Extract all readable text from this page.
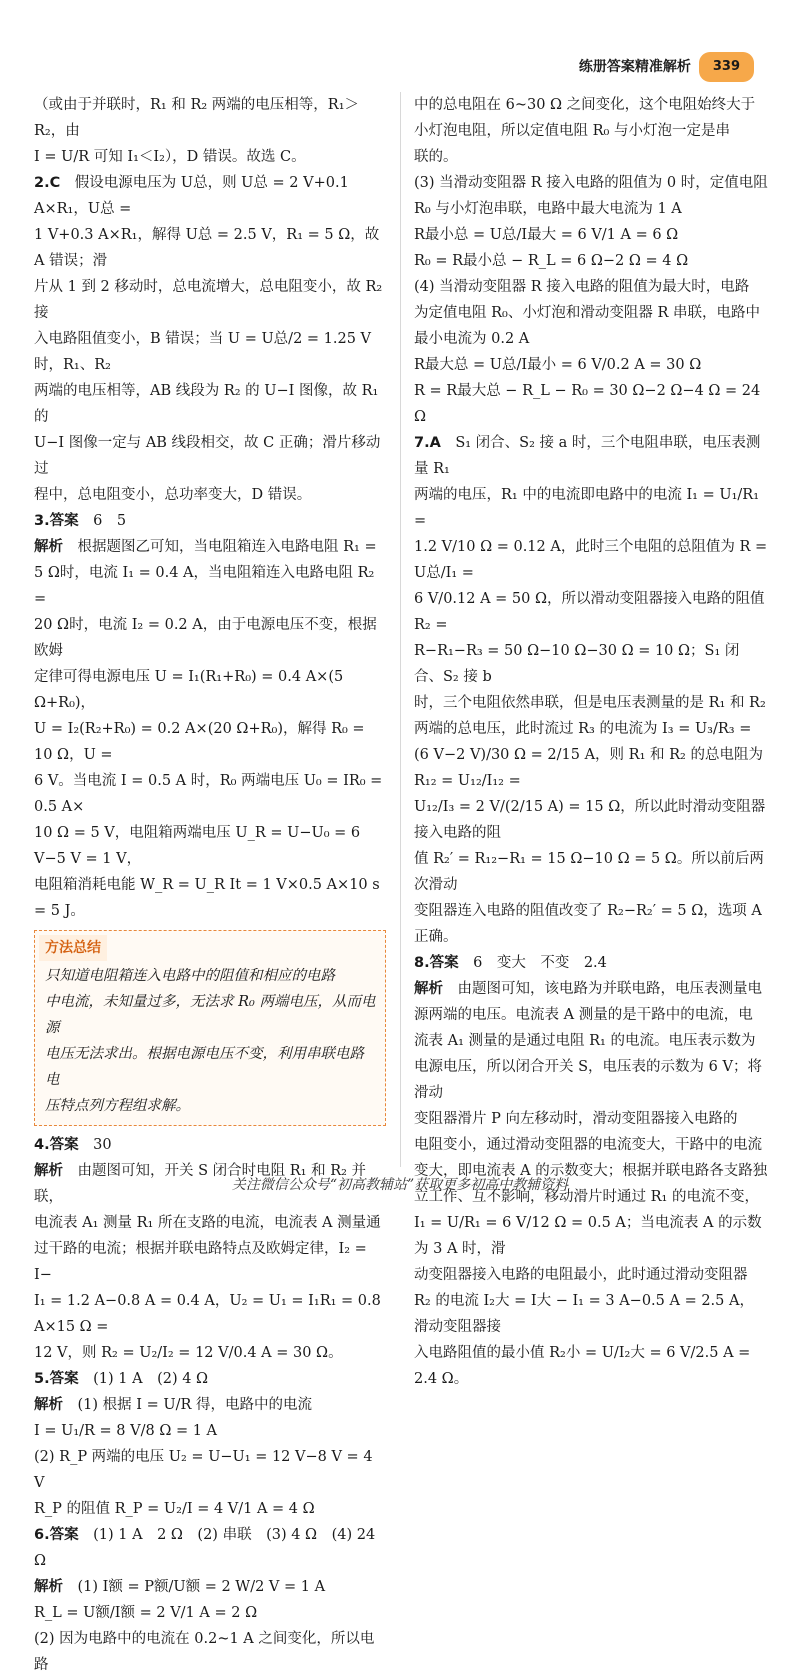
练册答案精准解析	339

（或由于并联时，R₁ 和 R₂ 两端的电压相等，R₁＞R₂，由

I = U/R 可知 I₁＜I₂），D 错误。故选 C。

2.C　假设电源电压为 U总，则 U总 = 2 V+0.1 A×R₁，U总 =

1 V+0.3 A×R₁，解得 U总 = 2.5 V，R₁ = 5 Ω，故 A 错误；滑

片从 1 到 2 移动时，总电流增大，总电阻变小，故 R₂ 接

入电路阻值变小，B 错误；当 U = U总/2 = 1.25 V 时，R₁、R₂

两端的电压相等，AB 线段为 R₂ 的 U−I 图像，故 R₁ 的

U−I 图像一定与 AB 线段相交，故 C 正确；滑片移动过

程中，总电阻变小，总功率变大，D 错误。

3.答案　6　5

解析　根据题图乙可知，当电阻箱连入电路电阻 R₁ =

5 Ω时，电流 I₁ = 0.4 A，当电阻箱连入电路电阻 R₂ =

20 Ω时，电流 I₂ = 0.2 A，由于电源电压不变，根据欧姆

定律可得电源电压 U = I₁(R₁+R₀) = 0.4 A×(5 Ω+R₀)，

U = I₂(R₂+R₀) = 0.2 A×(20 Ω+R₀)，解得 R₀ = 10 Ω，U =

6 V。当电流 I = 0.5 A 时，R₀ 两端电压 U₀ = IR₀ = 0.5 A×

10 Ω = 5 V，电阻箱两端电压 U_R = U−U₀ = 6 V−5 V = 1 V，

电阻箱消耗电能 W_R = U_R It = 1 V×0.5 A×10 s = 5 J。

方法总结

只知道电阻箱连入电路中的阻值和相应的电路

中电流，未知量过多，无法求 R₀ 两端电压，从而电源

电压无法求出。根据电源电压不变，利用串联电路电

压特点列方程组求解。

4.答案　30

解析　由题图可知，开关 S 闭合时电阻 R₁ 和 R₂ 并联，

电流表 A₁ 测量 R₁ 所在支路的电流，电流表 A 测量通

过干路的电流；根据并联电路特点及欧姆定律，I₂ = I−

I₁ = 1.2 A−0.8 A = 0.4 A，U₂ = U₁ = I₁R₁ = 0.8 A×15 Ω =

12 V，则 R₂ = U₂/I₂ = 12 V/0.4 A = 30 Ω。

5.答案　(1) 1 A　(2) 4 Ω

解析　(1) 根据 I = U/R 得，电路中的电流

I = U₁/R = 8 V/8 Ω = 1 A

(2) R_P 两端的电压 U₂ = U−U₁ = 12 V−8 V = 4 V

R_P 的阻值 R_P = U₂/I = 4 V/1 A = 4 Ω

6.答案　(1) 1 A　2 Ω　(2) 串联　(3) 4 Ω　(4) 24 Ω

解析　(1) I额 = P额/U额 = 2 W/2 V = 1 A

R_L = U额/I额 = 2 V/1 A = 2 Ω

(2) 因为电路中的电流在 0.2~1 A 之间变化，所以电路

中的总电阻在 6~30 Ω 之间变化，这个电阻始终大于

小灯泡电阻，所以定值电阻 R₀ 与小灯泡一定是串

联的。

(3) 当滑动变阻器 R 接入电路的阻值为 0 时，定值电阻

R₀ 与小灯泡串联，电路中最大电流为 1 A

R最小总 = U总/I最大 = 6 V/1 A = 6 Ω

R₀ = R最小总 − R_L = 6 Ω−2 Ω = 4 Ω

(4) 当滑动变阻器 R 接入电路的阻值为最大时，电路

为定值电阻 R₀、小灯泡和滑动变阻器 R 串联，电路中

最小电流为 0.2 A

R最大总 = U总/I最小 = 6 V/0.2 A = 30 Ω

R = R最大总 − R_L − R₀ = 30 Ω−2 Ω−4 Ω = 24 Ω

7.A　S₁ 闭合、S₂ 接 a 时，三个电阻串联，电压表测量 R₁

两端的电压，R₁ 中的电流即电路中的电流 I₁ = U₁/R₁ =

1.2 V/10 Ω = 0.12 A，此时三个电阻的总阻值为 R = U总/I₁ =

6 V/0.12 A = 50 Ω，所以滑动变阻器接入电路的阻值 R₂ =

R−R₁−R₃ = 50 Ω−10 Ω−30 Ω = 10 Ω；S₁ 闭合、S₂ 接 b

时，三个电阻依然串联，但是电压表测量的是 R₁ 和 R₂

两端的总电压，此时流过 R₃ 的电流为 I₃ = U₃/R₃ =

(6 V−2 V)/30 Ω = 2/15 A，则 R₁ 和 R₂ 的总电阻为 R₁₂ = U₁₂/I₁₂ =

U₁₂/I₃ = 2 V/(2/15 A) = 15 Ω，所以此时滑动变阻器接入电路的阻

值 R₂′ = R₁₂−R₁ = 15 Ω−10 Ω = 5 Ω。所以前后两次滑动

变阻器连入电路的阻值改变了 R₂−R₂′ = 5 Ω，选项 A

正确。

8.答案　6　变大　不变　2.4

解析　由题图可知，该电路为并联电路，电压表测量电

源两端的电压。电流表 A 测量的是干路中的电流，电

流表 A₁ 测量的是通过电阻 R₁ 的电流。电压表示数为

电源电压，所以闭合开关 S，电压表的示数为 6 V；将滑动

变阻器滑片 P 向左移动时，滑动变阻器接入电路的

电阻变小，通过滑动变阻器的电流变大，干路中的电流

变大，即电流表 A 的示数变大；根据并联电路各支路独

立工作、互不影响，移动滑片时通过 R₁ 的电流不变，

I₁ = U/R₁ = 6 V/12 Ω = 0.5 A；当电流表 A 的示数为 3 A 时，滑

动变阻器接入电路的电阻最小，此时通过滑动变阻器

R₂ 的电流 I₂大 = I大 − I₁ = 3 A−0.5 A = 2.5 A，滑动变阻器接

入电路阻值的最小值 R₂小 = U/I₂大 = 6 V/2.5 A = 2.4 Ω。

关注微信公众号“初高教辅站”获取更多初高中教辅资料
